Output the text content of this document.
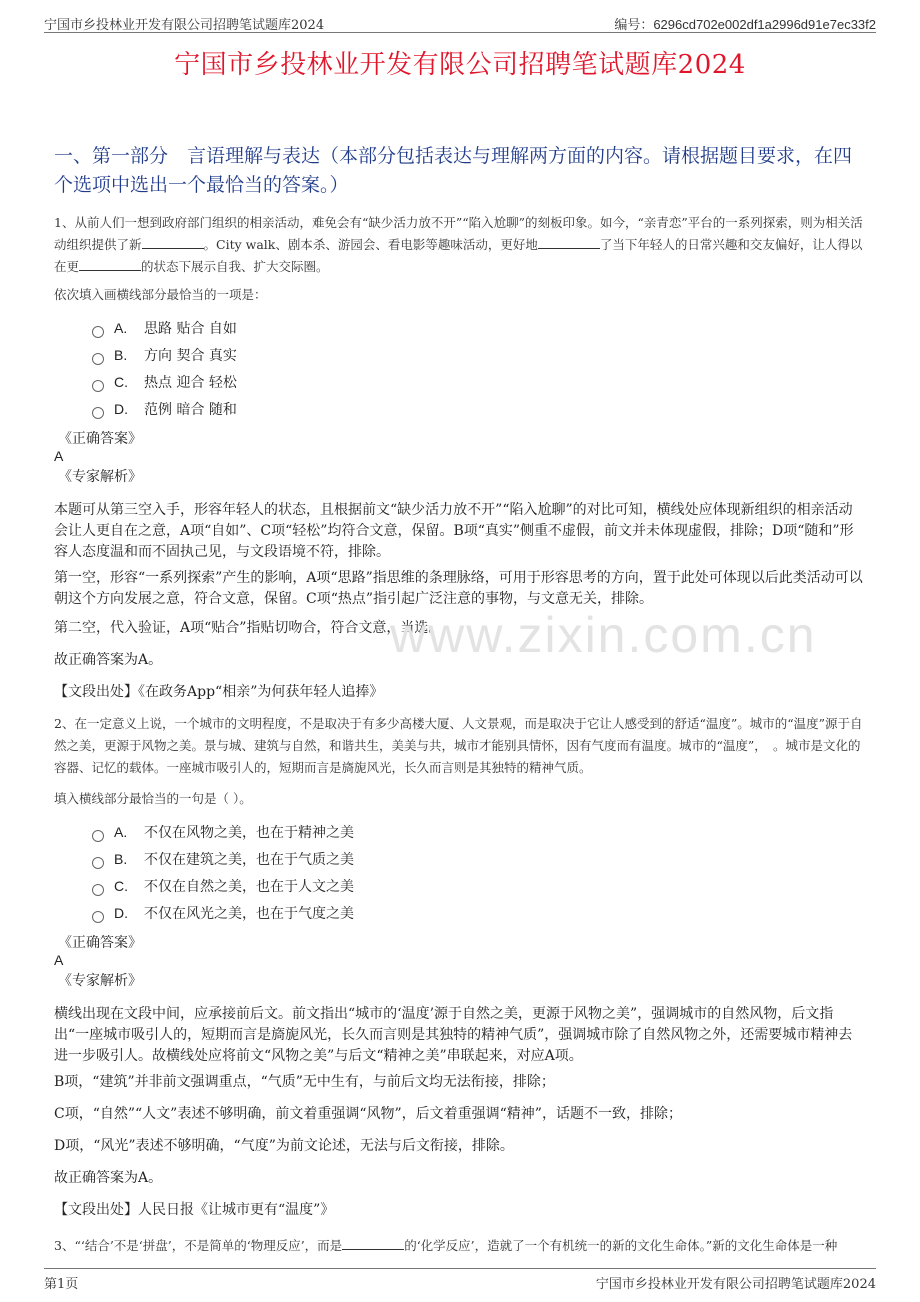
宁国市乡投林业开发有限公司招聘笔试题库2024	编号：6296cd702e002df1a2996d91e7ec33f2
宁国市乡投林业开发有限公司招聘笔试题库2024
一、第一部分　言语理解与表达（本部分包括表达与理解两方面的内容。请根据题目要求，在四个选项中选出一个最恰当的答案。）
1、从前人们一想到政府部门组织的相亲活动，难免会有“缺少活力放不开”“陷入尬聊”的刻板印象。如今，“亲青恋”平台的一系列探索，则为相关活动组织提供了新	。City walk、剧本杀、游园会、看电影等趣味活动，更好地	了当下年轻人的日常兴趣和交友偏好，让人得以在更	的状态下展示自我、扩大交际圈。
依次填入画横线部分最恰当的一项是：
A. 思路 贴合 自如
B. 方向 契合 真实
C. 热点 迎合 轻松
D. 范例 暗合 随和
《正确答案》
A
《专家解析》
本题可从第三空入手，形容年轻人的状态，且根据前文“缺少活力放不开”“陷入尬聊”的对比可知，横线处应体现新组织的相亲活动会让人更自在之意，A项“自如”、C项“轻松”均符合文意，保留。B项“真实”侧重不虚假，前文并未体现虚假，排除；D项“随和”形容人态度温和而不固执己见，与文段语境不符，排除。
第一空，形容“一系列探索”产生的影响，A项“思路”指思维的条理脉络，可用于形容思考的方向，置于此处可体现以后此类活动可以朝这个方向发展之意，符合文意，保留。C项“热点”指引起广泛注意的事物，与文意无关，排除。
第二空，代入验证，A项“贴合”指贴切吻合，符合文意，当选。
故正确答案为A。
【文段出处】《在政务App“相亲”为何获年轻人追捧》
www.zixin.com.cn
2、在一定意义上说，一个城市的文明程度，不是取决于有多少高楼大厦、人文景观，而是取决于它让人感受到的舒适“温度”。城市的“温度”源于自然之美，更源于风物之美。景与城、建筑与自然，和谐共生，美美与共，城市才能别具情怀，因有气度而有温度。城市的“温度”，　。城市是文化的容器、记忆的载体。一座城市吸引人的，短期而言是旖旎风光，长久而言则是其独特的精神气质。
填入横线部分最恰当的一句是（ ）。
A. 不仅在风物之美，也在于精神之美
B. 不仅在建筑之美，也在于气质之美
C. 不仅在自然之美，也在于人文之美
D. 不仅在风光之美，也在于气度之美
《正确答案》
A
《专家解析》
横线出现在文段中间，应承接前后文。前文指出“城市的‘温度’源于自然之美，更源于风物之美”，强调城市的自然风物，后文指出“一座城市吸引人的，短期而言是旖旎风光，长久而言则是其独特的精神气质”，强调城市除了自然风物之外，还需要城市精神去进一步吸引人。故横线处应将前文“风物之美”与后文“精神之美”串联起来，对应A项。
B项，“建筑”并非前文强调重点，“气质”无中生有，与前后文均无法衔接，排除；
C项，“自然”“人文”表述不够明确，前文着重强调“风物”，后文着重强调“精神”，话题不一致，排除；
D项，“风光”表述不够明确，“气度”为前文论述，无法与后文衔接，排除。
故正确答案为A。
【文段出处】人民日报《让城市更有“温度”》
3、“‘结合’不是‘拼盘’，不是简单的‘物理反应’，而是	的‘化学反应’，造就了一个有机统一的新的文化生命体。”新的文化生命体是一种
第1页	宁国市乡投林业开发有限公司招聘笔试题库2024
